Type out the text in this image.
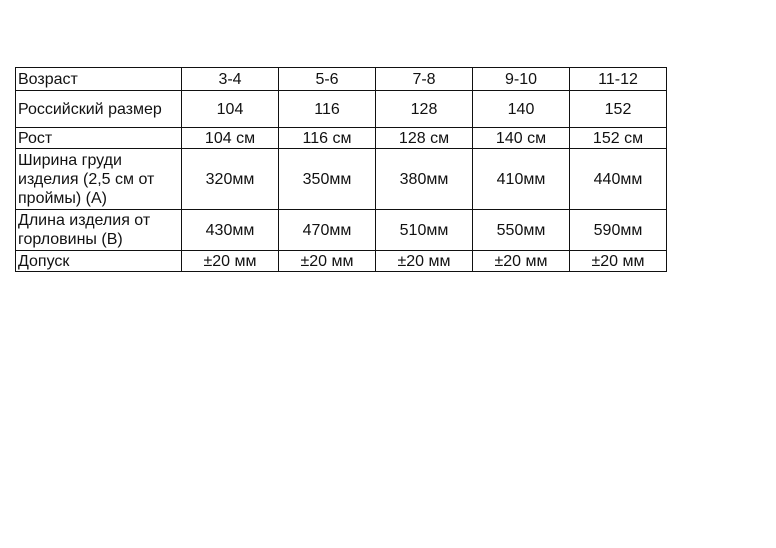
Возраст	3-4	5-6	7-8	9-10	11-12
Российский размер	104	116	128	140	152
Рост	104 см	116 см	128 см	140 см	152 см
Ширина груди изделия (2,5 см от проймы) (А)	320мм	350мм	380мм	410мм	440мм
Длина изделия от горловины (В)	430мм	470мм	510мм	550мм	590мм
Допуск	±20 мм	±20 мм	±20 мм	±20 мм	±20 мм
